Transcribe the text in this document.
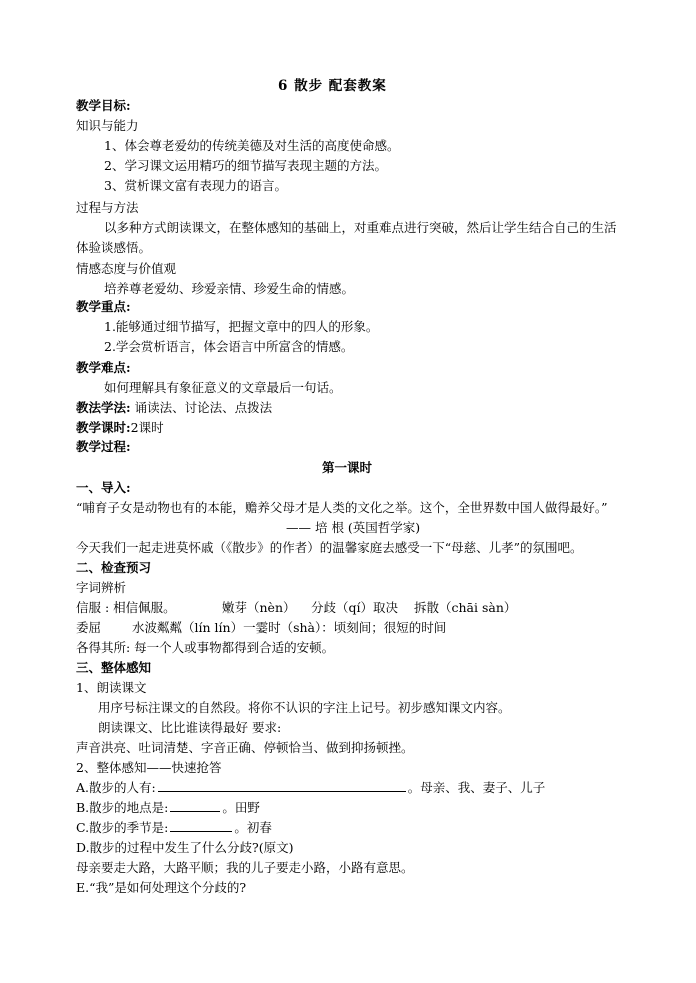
6 散步 配套教案
教学目标:
知识与能力
1、体会尊老爱幼的传统美德及对生活的高度使命感。
2、学习课文运用精巧的细节描写表现主题的方法。
3、赏析课文富有表现力的语言。
过程与方法
以多种方式朗读课文，在整体感知的基础上，对重难点进行突破，然后让学生结合自己的生活
体验谈感悟。
情感态度与价值观
培养尊老爱幼、珍爱亲情、珍爱生命的情感。
教学重点:
1.能够通过细节描写，把握文章中的四人的形象。
2.学会赏析语言，体会语言中所富含的情感。
教学难点:
如何理解具有象征意义的文章最后一句话。
教法学法: 诵读法、讨论法、点拨法
教学课时:2课时
教学过程:
第一课时
一、导入:
“哺育子女是动物也有的本能，赡养父母才是人类的文化之举。这个，全世界数中国人做得最好。”
—— 培 根 (英国哲学家)
今天我们一起走进莫怀戚（《散步》的作者）的温馨家庭去感受一下“母慈、儿孝”的氛围吧。
二、检查预习
字词辨析
信服 : 相信佩服。	嫩芽（nèn） 分歧（qí）取决 拆散（chāi sàn）
委屈 水波粼粼（lín lín）一霎时（shà）：顷刻间；很短的时间
各得其所: 每一个人或事物都得到合适的安顿。
三、整体感知
1、朗读课文
用序号标注课文的自然段。将你不认识的字注上记号。初步感知课文内容。
朗读课文、比比谁读得最好 要求:
声音洪亮、吐词清楚、字音正确、停顿恰当、做到抑扬顿挫。
2、整体感知——快速抢答
A.散步的人有:	。母亲、我、妻子、儿子
B.散步的地点是:	。田野
C.散步的季节是:	。初春
D.散步的过程中发生了什么分歧?(原文)
母亲要走大路，大路平顺；我的儿子要走小路，小路有意思。
E.“我”是如何处理这个分歧的?
